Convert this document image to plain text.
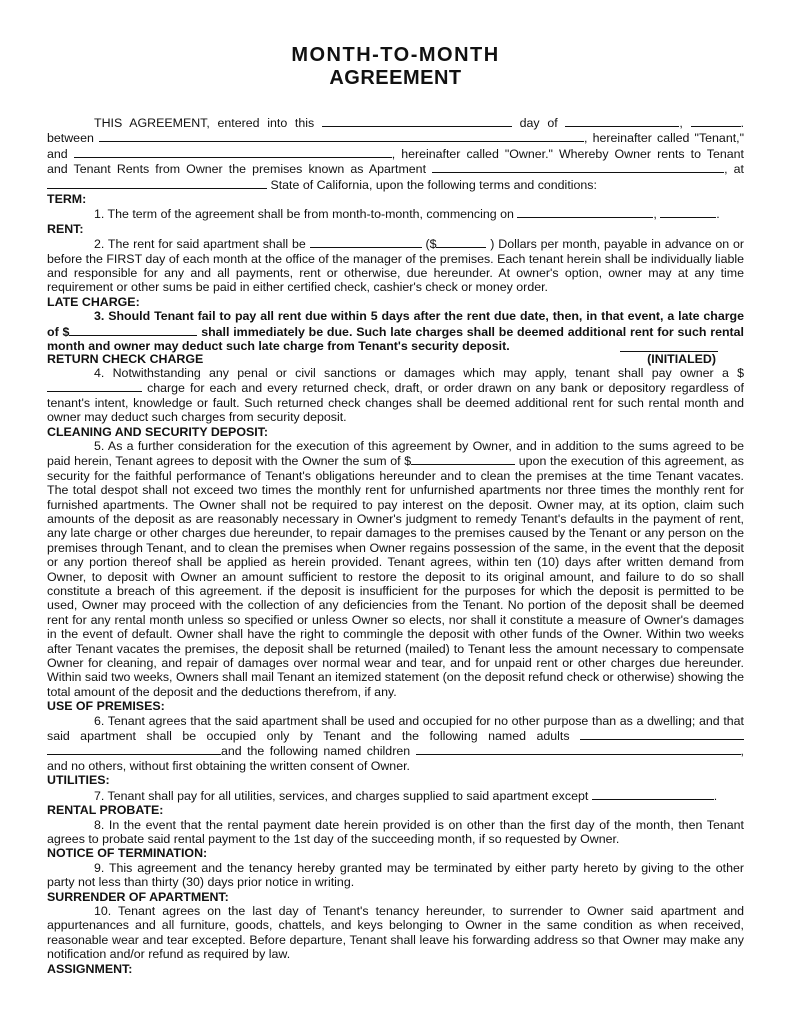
MONTH-TO-MONTH
AGREEMENT

THIS AGREEMENT, entered into this	day of	,	.

between	, hereinafter called "Tenant,"

and	, hereinafter called "Owner." Whereby Owner rents to Tenant

and Tenant Rents from Owner the premises known as Apartment	, at

State of California, upon the following terms and conditions:

TERM:

1. The term of the agreement shall be from month-to-month, commencing on	,	.

RENT:

2. The rent for said apartment shall be	($	) Dollars per month, payable in advance on or before the FIRST day of each month at the office of the manager of the premises. Each tenant herein shall be individually liable and responsible for any and all payments, rent or otherwise, due hereunder. At owner's option, owner may at any time requirement or other sums be paid in either certified check, cashier's check or money order.

LATE CHARGE:

3. Should Tenant fail to pay all rent due within 5 days after the rent due date, then, in that event, a late charge of $	shall immediately be due. Such late charges shall be deemed additional rent for such rental month and owner may deduct such late charge from Tenant's security deposit.

RETURN CHECK CHARGE	(INITIALED)

4. Notwithstanding any penal or civil sanctions or damages which may apply, tenant shall pay owner a $ charge for each and every returned check, draft, or order drawn on any bank or depository regardless of tenant's intent, knowledge or fault. Such returned check changes shall be deemed additional rent for such rental month and owner may deduct such charges from security deposit.

CLEANING AND SECURITY DEPOSIT:

5. As a further consideration for the execution of this agreement by Owner, and in addition to the sums agreed to be paid herein, Tenant agrees to deposit with the Owner the sum of $	upon the execution of this agreement, as security for the faithful performance of Tenant's obligations hereunder and to clean the premises at the time Tenant vacates. The total despot shall not exceed two times the monthly rent for unfurnished apartments nor three times the monthly rent for furnished apartments. The Owner shall not be required to pay interest on the deposit. Owner may, at its option, claim such amounts of the deposit as are reasonably necessary in Owner's judgment to remedy Tenant's defaults in the payment of rent, any late charge or other charges due hereunder, to repair damages to the premises caused by the Tenant or any person on the premises through Tenant, and to clean the premises when Owner regains possession of the same, in the event that the deposit or any portion thereof shall be applied as herein provided. Tenant agrees, within ten (10) days after written demand from Owner, to deposit with Owner an amount sufficient to restore the deposit to its original amount, and failure to do so shall constitute a breach of this agreement. if the deposit is insufficient for the purposes for which the deposit is permitted to be used, Owner may proceed with the collection of any deficiencies from the Tenant. No portion of the deposit shall be deemed rent for any rental month unless so specified or unless Owner so elects, nor shall it constitute a measure of Owner's damages in the event of default. Owner shall have the right to commingle the deposit with other funds of the Owner. Within two weeks after Tenant vacates the premises, the deposit shall be returned (mailed) to Tenant less the amount necessary to compensate Owner for cleaning, and repair of damages over normal wear and tear, and for unpaid rent or other charges due hereunder. Within said two weeks, Owners shall mail Tenant an itemized statement (on the deposit refund check or otherwise) showing the total amount of the deposit and the deductions therefrom, if any.

USE OF PREMISES:

6. Tenant agrees that the said apartment shall be used and occupied for no other purpose than as a dwelling; and that said apartment shall be occupied only by Tenant and the following named adults

and the following named children	,

and no others, without first obtaining the written consent of Owner.

UTILITIES:

7. Tenant shall pay for all utilities, services, and charges supplied to said apartment except	.

RENTAL PROBATE:

8. In the event that the rental payment date herein provided is on other than the first day of the month, then Tenant agrees to probate said rental payment to the 1st day of the succeeding month, if so requested by Owner.

NOTICE OF TERMINATION:

9. This agreement and the tenancy hereby granted may be terminated by either party hereto by giving to the other party not less than thirty (30) days prior notice in writing.

SURRENDER OF APARTMENT:

10. Tenant agrees on the last day of Tenant's tenancy hereunder, to surrender to Owner said apartment and appurtenances and all furniture, goods, chattels, and keys belonging to Owner in the same condition as when received, reasonable wear and tear excepted. Before departure, Tenant shall leave his forwarding address so that Owner may make any notification and/or refund as required by law.

ASSIGNMENT:
